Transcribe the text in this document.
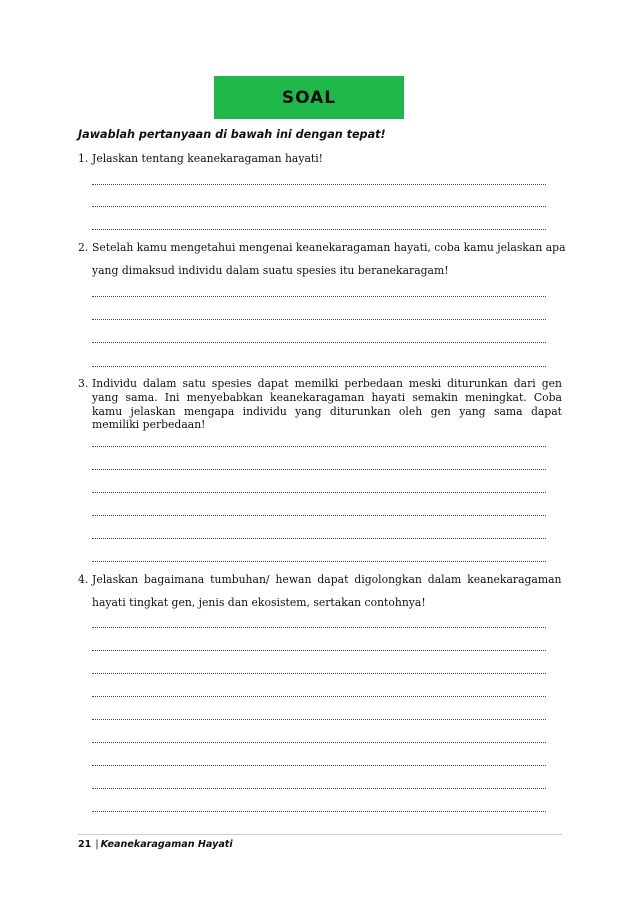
SOAL
Jawablah pertanyaan di bawah ini dengan tepat!
1. Jelaskan tentang keanekaragaman hayati!
2. Setelah kamu mengetahui mengenai keanekaragaman hayati, coba kamu jelaskan apa
yang dimaksud individu dalam suatu spesies itu beranekaragam!
3. Individu dalam satu spesies dapat memilki perbedaan meski diturunkan dari gen yang sama. Ini menyebabkan keanekaragaman hayati semakin meningkat. Coba kamu jelaskan mengapa individu yang diturunkan oleh gen yang sama dapat memiliki perbedaan!
4. Jelaskan bagaimana tumbuhan/ hewan dapat digolongkan dalam keanekaragaman
hayati tingkat gen, jenis dan ekosistem, sertakan contohnya!
21 | Keanekaragaman Hayati
